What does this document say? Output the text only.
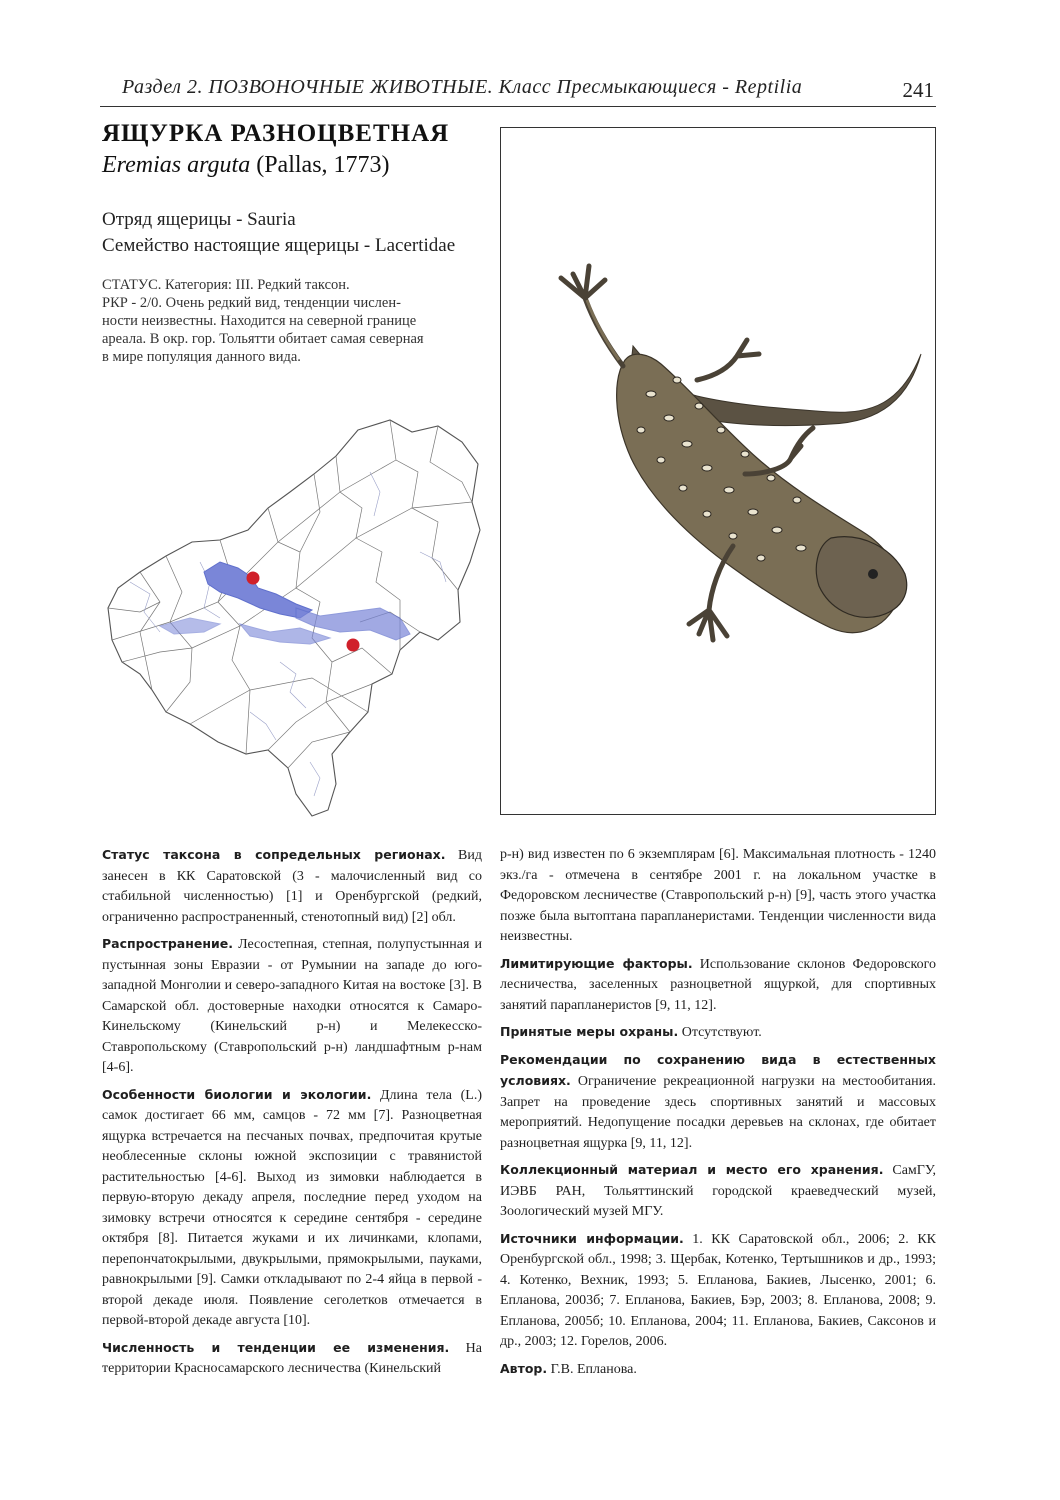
Раздел 2. ПОЗВОНОЧНЫЕ ЖИВОТНЫЕ. Класс Пресмыкающиеся - Reptilia	241
ЯЩУРКА РАЗНОЦВЕТНАЯ
Eremias arguta (Pallas, 1773)
Отряд ящерицы - Sauria
Семейство настоящие ящерицы - Lacertidae
СТАТУС. Категория: III. Редкий таксон.
РКР - 2/0. Очень редкий вид, тенденции числен-
ности неизвестны. Находится на северной границе
ареала. В окр. гор. Тольятти обитает самая северная
в мире популяция данного вида.

Статус таксона в сопредельных регионах. Вид занесен в КК Саратовской (3 - малочисленный вид со стабильной численностью) [1] и Оренбургской (редкий, ограниченно распространенный, стенотопный вид) [2] обл.

Распространение. Лесостепная, степная, полупустынная и пустынная зоны Евразии - от Румынии на западе до юго-западной Монголии и северо-западного Китая на востоке [3]. В Самарской обл. достоверные находки относятся к Самаро-Кинельскому (Кинельский р-н) и Мелекесско-Ставропольскому (Ставропольский р-н) ландшафтным р-нам [4-6].

Особенности биологии и экологии. Длина тела (L.) самок достигает 66 мм, самцов - 72 мм [7]. Разноцветная ящурка встречается на песчаных почвах, предпочитая крутые необлесенные склоны южной экспозиции с травянистой растительностью [4-6]. Выход из зимовки наблюдается в первую-вторую декаду апреля, последние перед уходом на зимовку встречи относятся к середине сентября - середине октября [8]. Питается жуками и их личинками, клопами, перепончатокрылыми, двукрылыми, прямокрылыми, пауками, равнокрылыми [9]. Самки откладывают по 2-4 яйца в первой - второй декаде июля. Появление сеголетков отмечается в первой-второй декаде августа [10].

Численность и тенденции ее изменения. На территории Красносамарского лесничества (Кинельский

р-н) вид известен по 6 экземплярам [6]. Максимальная плотность - 1240 экз./га - отмечена в сентябре 2001 г. на локальном участке в Федоровском лесничестве (Ставропольский р-н) [9], часть этого участка позже была вытоптана парапланеристами. Тенденции численности вида неизвестны.

Лимитирующие факторы. Использование склонов Федоровского лесничества, заселенных разноцветной ящуркой, для спортивных занятий парапланеристов [9, 11, 12].

Принятые меры охраны. Отсутствуют.

Рекомендации по сохранению вида в естественных условиях. Ограничение рекреационной нагрузки на местообитания. Запрет на проведение здесь спортивных занятий и массовых мероприятий. Недопущение посадки деревьев на склонах, где обитает разноцветная ящурка [9, 11, 12].

Коллекционный материал и место его хранения. СамГУ, ИЭВБ РАН, Тольяттинский городской краеведческий музей, Зоологический музей МГУ.

Источники информации. 1. КК Саратовской обл., 2006; 2. КК Оренбургской обл., 1998; 3. Щербак, Котенко, Тертышников и др., 1993; 4. Котенко, Вехник, 1993; 5. Епланова, Бакиев, Лысенко, 2001; 6. Епланова, 2003б; 7. Епланова, Бакиев, Бэр, 2003; 8. Епланова, 2008; 9. Епланова, 2005б; 10. Епланова, 2004; 11. Епланова, Бакиев, Саксонов и др., 2003; 12. Горелов, 2006.

Автор. Г.В. Епланова.
